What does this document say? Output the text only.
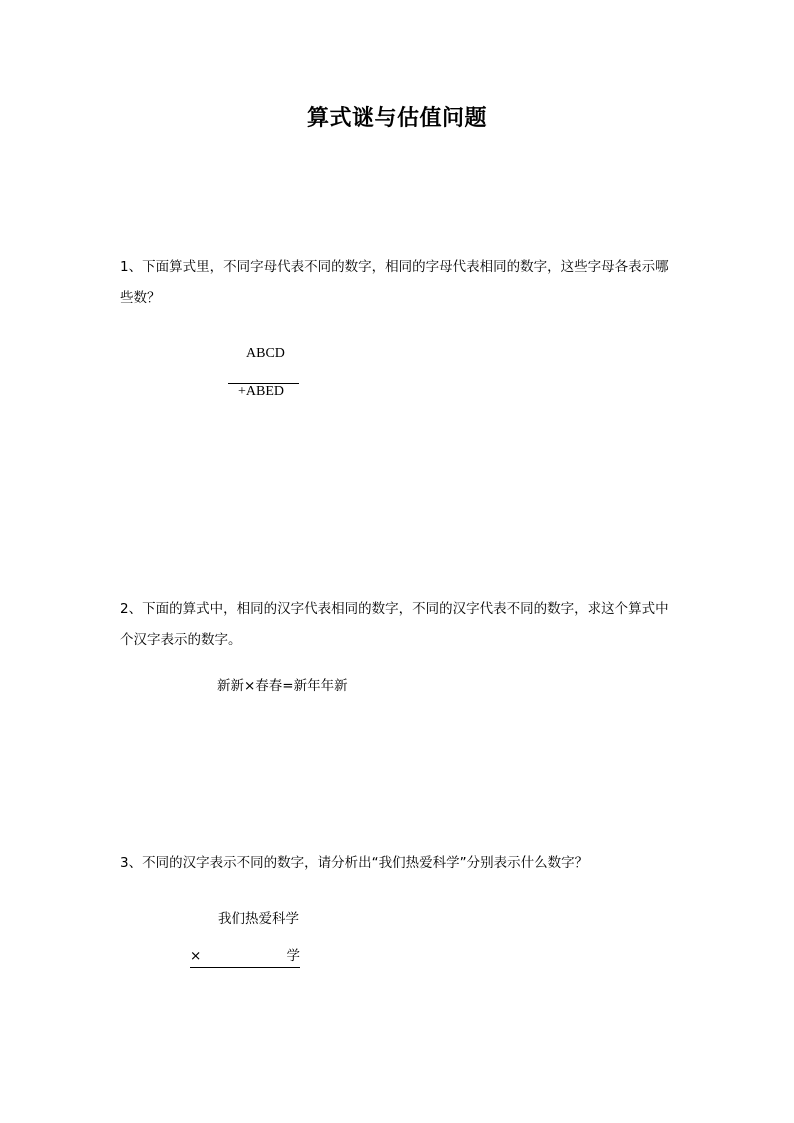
算式谜与估值问题
1、下面算式里，不同字母代表不同的数字，相同的字母代表相同的数字，这些字母各表示哪些数？
ABCD
+ABED
2、下面的算式中，相同的汉字代表相同的数字，不同的汉字代表不同的数字，求这个算式中个汉字表示的数字。
新新×春春=新年年新
3、不同的汉字表示不同的数字，请分析出“我们热爱科学”分别表示什么数字？
我们热爱科学
×	学
